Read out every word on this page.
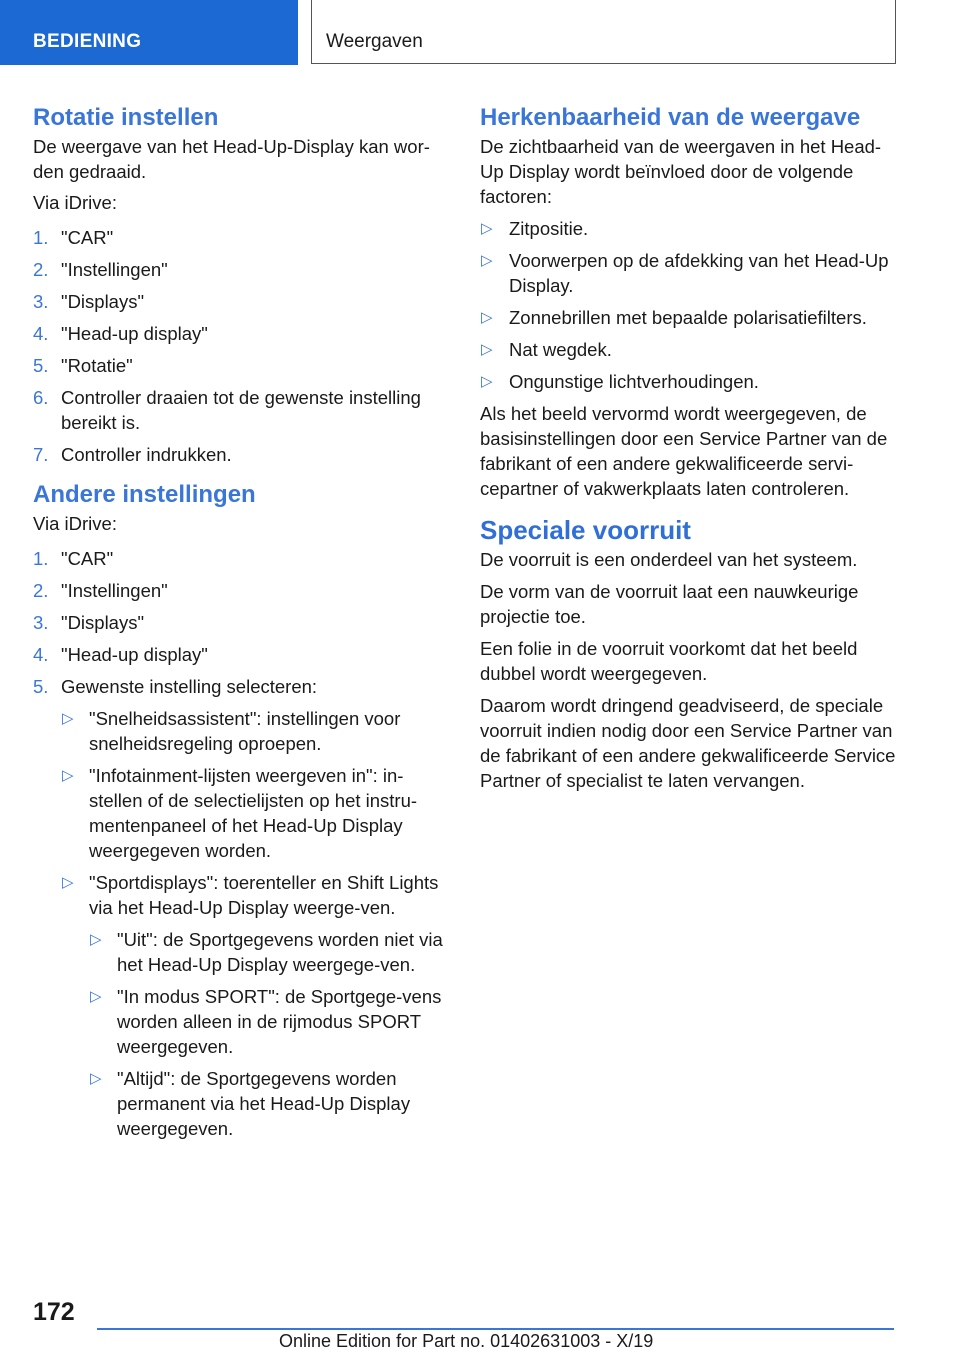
BEDIENING	Weergaven
Rotatie instellen

De weergave van het Head-Up-Display kan wor-den gedraaid.

Via iDrive:

1. "CAR"
2. "Instellingen"
3. "Displays"
4. "Head-up display"
5. "Rotatie"
6. Controller draaien tot de gewenste instelling bereikt is.
7. Controller indrukken.
Andere instellingen

Via iDrive:

1. "CAR"
2. "Instellingen"
3. "Displays"
4. "Head-up display"
5. Gewenste instelling selecteren:
▷ "Snelheidsassistent": instellingen voor snelheidsregeling oproepen.
▷ "Infotainment-lijsten weergeven in": in-stellen of de selectielijsten op het instru-mentenpaneel of het Head-Up Display weergegeven worden.
▷ "Sportdisplays": toerenteller en Shift Lights via het Head-Up Display weerge-ven.
▷ "Uit": de Sportgegevens worden niet via het Head-Up Display weergege-ven.
▷ "In modus SPORT": de Sportgege-vens worden alleen in de rijmodus SPORT weergegeven.
▷ "Altijd": de Sportgegevens worden permanent via het Head-Up Display weergegeven.
Herkenbaarheid van de weergave

De zichtbaarheid van de weergaven in het Head-Up Display wordt beïnvloed door de volgende factoren:

▷ Zitpositie.
▷ Voorwerpen op de afdekking van het Head-Up Display.
▷ Zonnebrillen met bepaalde polarisatiefilters.
▷ Nat wegdek.
▷ Ongunstige lichtverhoudingen.

Als het beeld vervormd wordt weergegeven, de basisinstellingen door een Service Partner van de fabrikant of een andere gekwalificeerde servi-cepartner of vakwerkplaats laten controleren.

Speciale voorruit

De voorruit is een onderdeel van het systeem.

De vorm van de voorruit laat een nauwkeurige projectie toe.

Een folie in de voorruit voorkomt dat het beeld dubbel wordt weergegeven.

Daarom wordt dringend geadviseerd, de speciale voorruit indien nodig door een Service Partner van de fabrikant of een andere gekwalificeerde Service Partner of specialist te laten vervangen.

172
Online Edition for Part no. 01402631003 - X/19
